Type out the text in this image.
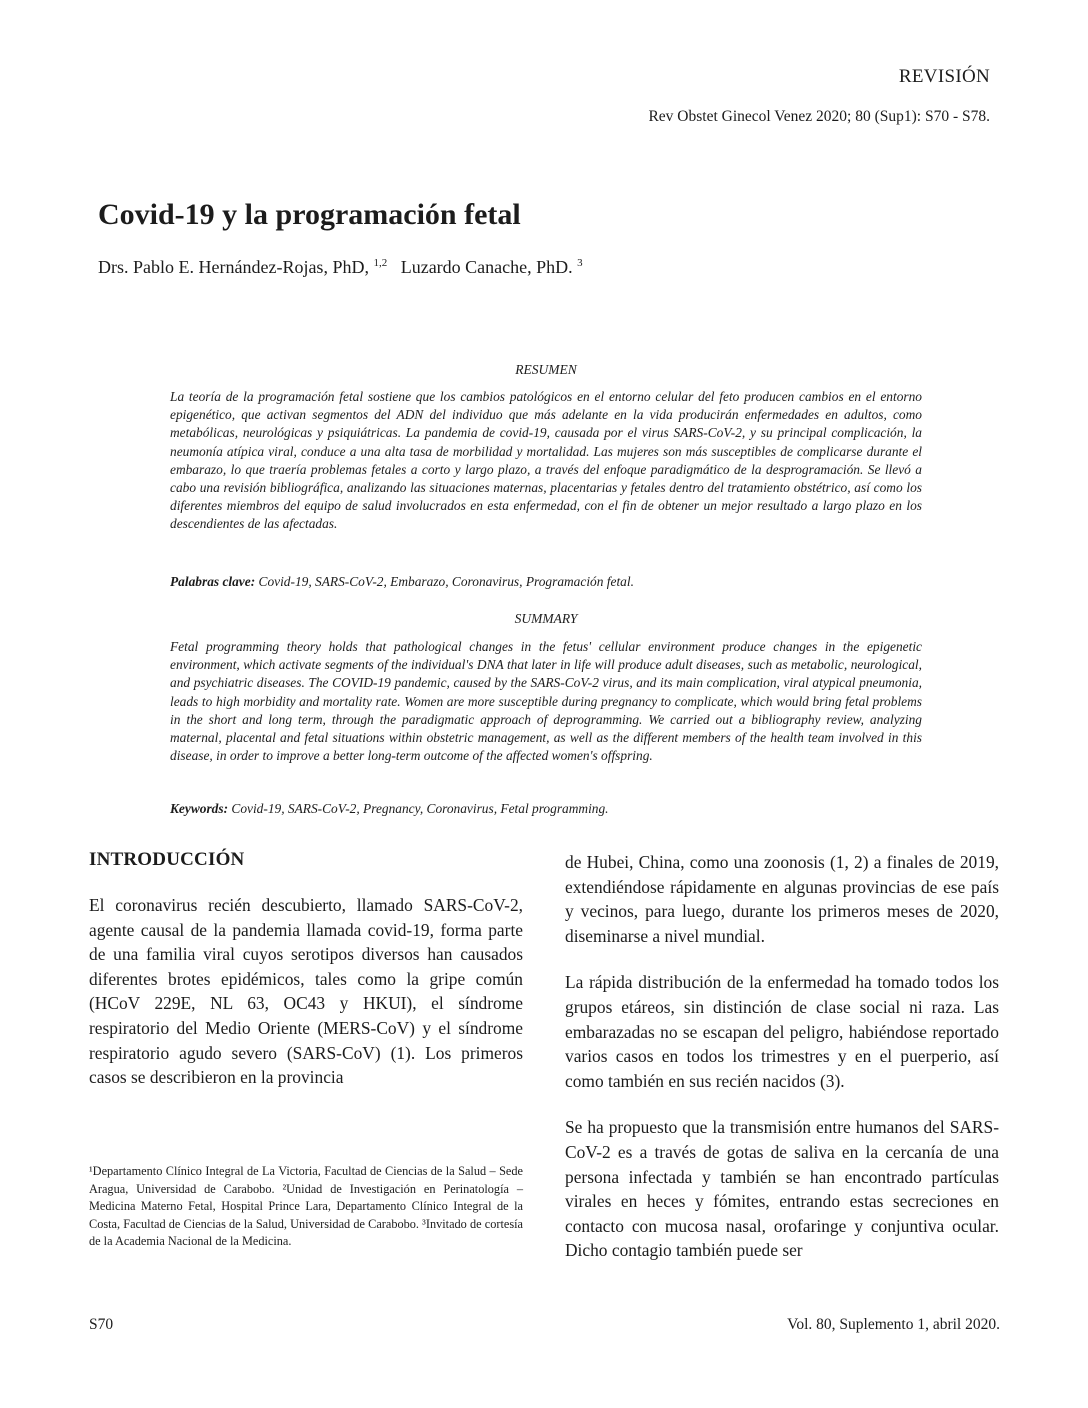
REVISIÓN
Rev Obstet Ginecol Venez 2020; 80 (Sup1): S70 - S78.
Covid-19 y la programación fetal
Drs. Pablo E. Hernández-Rojas, PhD, $^{1,2}$ Luzardo Canache, PhD. $^3$
RESUMEN

La teoría de la programación fetal sostiene que los cambios patológicos en el entorno celular del feto producen cambios en el entorno epigenético, que activan segmentos del ADN del individuo que más adelante en la vida producirán enfermedades en adultos, como metabólicas, neurológicas y psiquiátricas. La pandemia de covid-19, causada por el virus SARS-CoV-2, y su principal complicación, la neumonía atípica viral, conduce a una alta tasa de morbilidad y mortalidad. Las mujeres son más susceptibles de complicarse durante el embarazo, lo que traería problemas fetales a corto y largo plazo, a través del enfoque paradigmático de la desprogramación. Se llevó a cabo una revisión bibliográfica, analizando las situaciones maternas, placentarias y fetales dentro del tratamiento obstétrico, así como los diferentes miembros del equipo de salud involucrados en esta enfermedad, con el fin de obtener un mejor resultado a largo plazo en los descendientes de las afectadas.

Palabras clave: Covid-19, SARS-CoV-2, Embarazo, Coronavirus, Programación fetal.
SUMMARY

Fetal programming theory holds that pathological changes in the fetus' cellular environment produce changes in the epigenetic environment, which activate segments of the individual's DNA that later in life will produce adult diseases, such as metabolic, neurological, and psychiatric diseases. The COVID-19 pandemic, caused by the SARS-CoV-2 virus, and its main complication, viral atypical pneumonia, leads to high morbidity and mortality rate. Women are more susceptible during pregnancy to complicate, which would bring fetal problems in the short and long term, through the paradigmatic approach of deprogramming. We carried out a bibliography review, analyzing maternal, placental and fetal situations within obstetric management, as well as the different members of the health team involved in this disease, in order to improve a better long-term outcome of the affected women's offspring.

Keywords: Covid-19, SARS-CoV-2, Pregnancy, Coronavirus, Fetal programming.
INTRODUCCIÓN

El coronavirus recién descubierto, llamado SARS-CoV-2, agente causal de la pandemia llamada covid-19, forma parte de una familia viral cuyos serotipos diversos han causados diferentes brotes epidémicos, tales como la gripe común (HCoV 229E, NL 63, OC43 y HKUI), el síndrome respiratorio del Medio Oriente (MERS-CoV) y el síndrome respiratorio agudo severo (SARS-CoV) (1). Los primeros casos se describieron en la provincia

de Hubei, China, como una zoonosis (1, 2) a finales de 2019, extendiéndose rápidamente en algunas provincias de ese país y vecinos, para luego, durante los primeros meses de 2020, diseminarse a nivel mundial.

La rápida distribución de la enfermedad ha tomado todos los grupos etáreos, sin distinción de clase social ni raza. Las embarazadas no se escapan del peligro, habiéndose reportado varios casos en todos los trimestres y en el puerperio, así como también en sus recién nacidos (3).

Se ha propuesto que la transmisión entre humanos del SARS-CoV-2 es a través de gotas de saliva en la cercanía de una persona infectada y también se han encontrado partículas virales en heces y fómites, entrando estas secreciones en contacto con mucosa nasal, orofaringe y conjuntiva ocular. Dicho contagio también puede ser

¹Departamento Clínico Integral de La Victoria, Facultad de Ciencias de la Salud – Sede Aragua, Universidad de Carabobo. ²Unidad de Investigación en Perinatología – Medicina Materno Fetal, Hospital Prince Lara, Departamento Clínico Integral de la Costa, Facultad de Ciencias de la Salud, Universidad de Carabobo. ³Invitado de cortesía de la Academia Nacional de la Medicina.

S70	Vol. 80, Suplemento 1, abril 2020.
